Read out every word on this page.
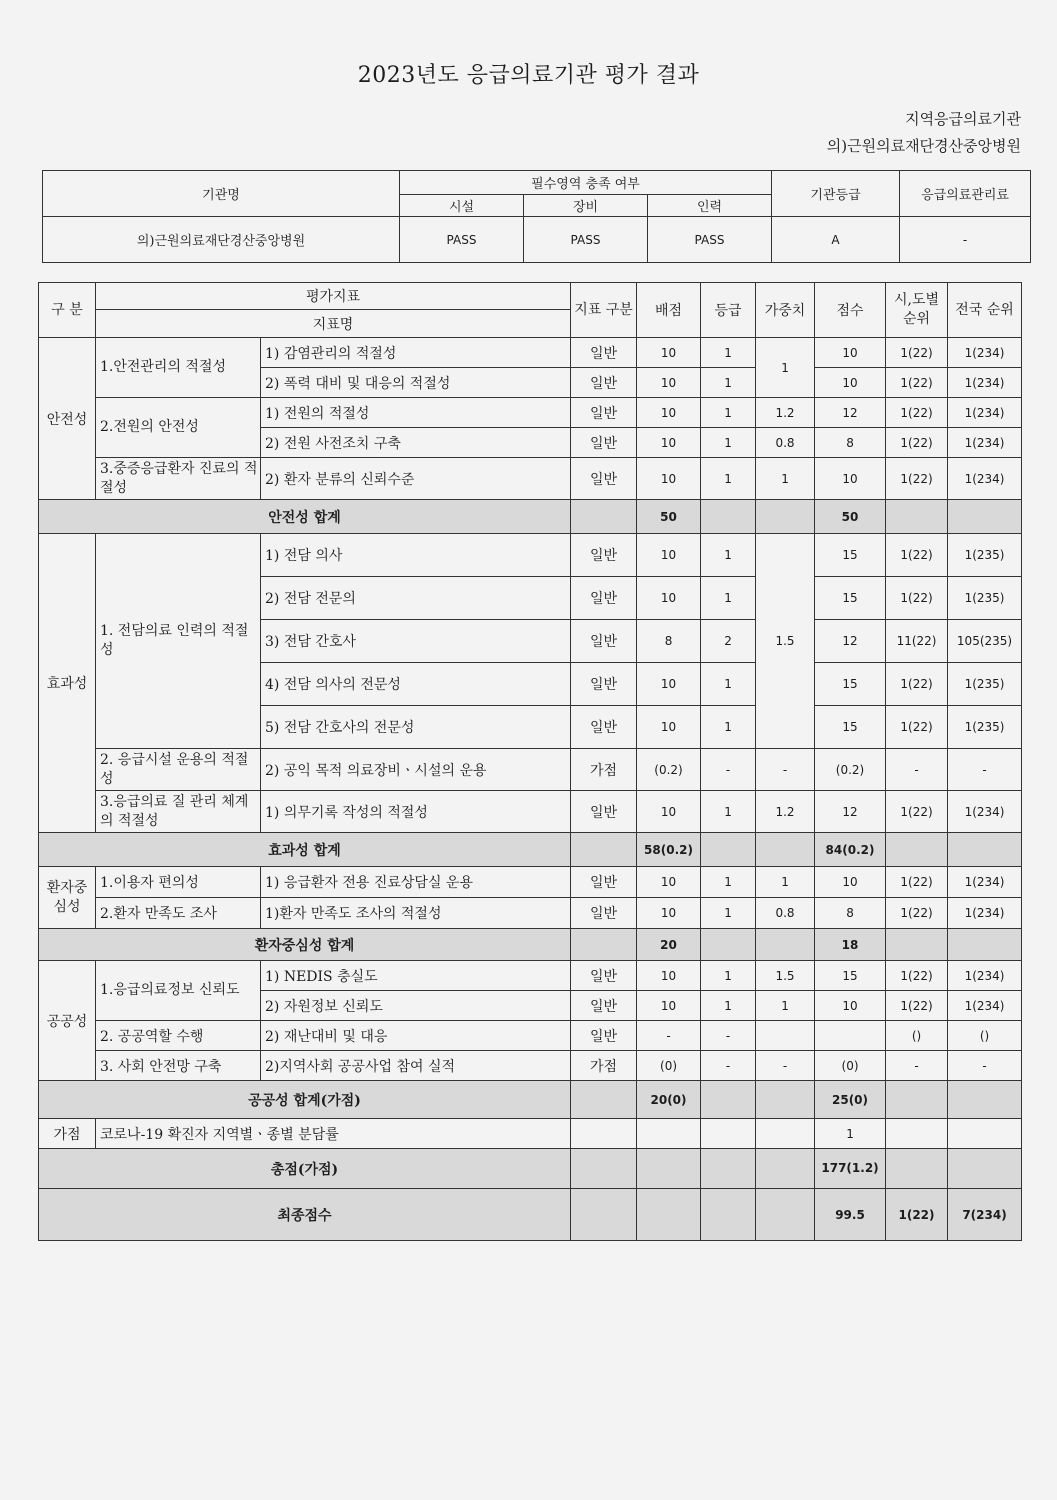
2023년도 응급의료기관 평가 결과
지역응급의료기관
의)근원의료재단경산중앙병원
기관명	필수영역 충족 여부			기관등급	응급의료관리료
	시설	장비	인력		
의)근원의료재단경산중앙병원	PASS	PASS	PASS	A	-
구 분	평가지표		지표 구분	배점	등급	가중치	점수	시,도별 순위	전국 순위
	지표명								
안전성	1.안전관리의 적절성	1) 감염관리의 적절성	일반	10	1	1	10	1(22)	1(234)
		2) 폭력 대비 및 대응의 적절성	일반	10	1		10	1(22)	1(234)
	2.전원의 안전성	1) 전원의 적절성	일반	10	1	1.2	12	1(22)	1(234)
		2) 전원 사전조치 구축	일반	10	1	0.8	8	1(22)	1(234)
	3.중증응급환자 진료의 적절성	2) 환자 분류의 신뢰수준	일반	10	1	1	10	1(22)	1(234)
안전성 합계				50			50		
효과성	1. 전담의료 인력의 적절성	1) 전담 의사	일반	10	1	1.5	15	1(22)	1(235)
		2) 전담 전문의	일반	10	1		15	1(22)	1(235)
		3) 전담 간호사	일반	8	2		12	11(22)	105(235)
		4) 전담 의사의 전문성	일반	10	1		15	1(22)	1(235)
		5) 전담 간호사의 전문성	일반	10	1		15	1(22)	1(235)
	2. 응급시설 운용의 적절성	2) 공익 목적 의료장비ㆍ시설의 운용	가점	(0.2)	-	-	(0.2)	-	-
	3.응급의료 질 관리 체계의 적절성	1) 의무기록 작성의 적절성	일반	10	1	1.2	12	1(22)	1(234)
효과성 합계				58(0.2)			84(0.2)		
환자중심성	1.이용자 편의성	1) 응급환자 전용 진료상담실 운용	일반	10	1	1	10	1(22)	1(234)
	2.환자 만족도 조사	1)환자 만족도 조사의 적절성	일반	10	1	0.8	8	1(22)	1(234)
환자중심성 합계				20			18		
공공성	1.응급의료정보 신뢰도	1) NEDIS 충실도	일반	10	1	1.5	15	1(22)	1(234)
		2) 자원정보 신뢰도	일반	10	1	1	10	1(22)	1(234)
	2. 공공역할 수행	2) 재난대비 및 대응	일반	-	-			()	()
	3. 사회 안전망 구축	2)지역사회 공공사업 참여 실적	가점	(0)	-	-	(0)	-	-
공공성 합계(가점)				20(0)			25(0)		
가점	코로나-19 확진자 지역별ㆍ종별 분담률						1		
총점(가점)							177(1.2)		
최종점수							99.5	1(22)	7(234)
